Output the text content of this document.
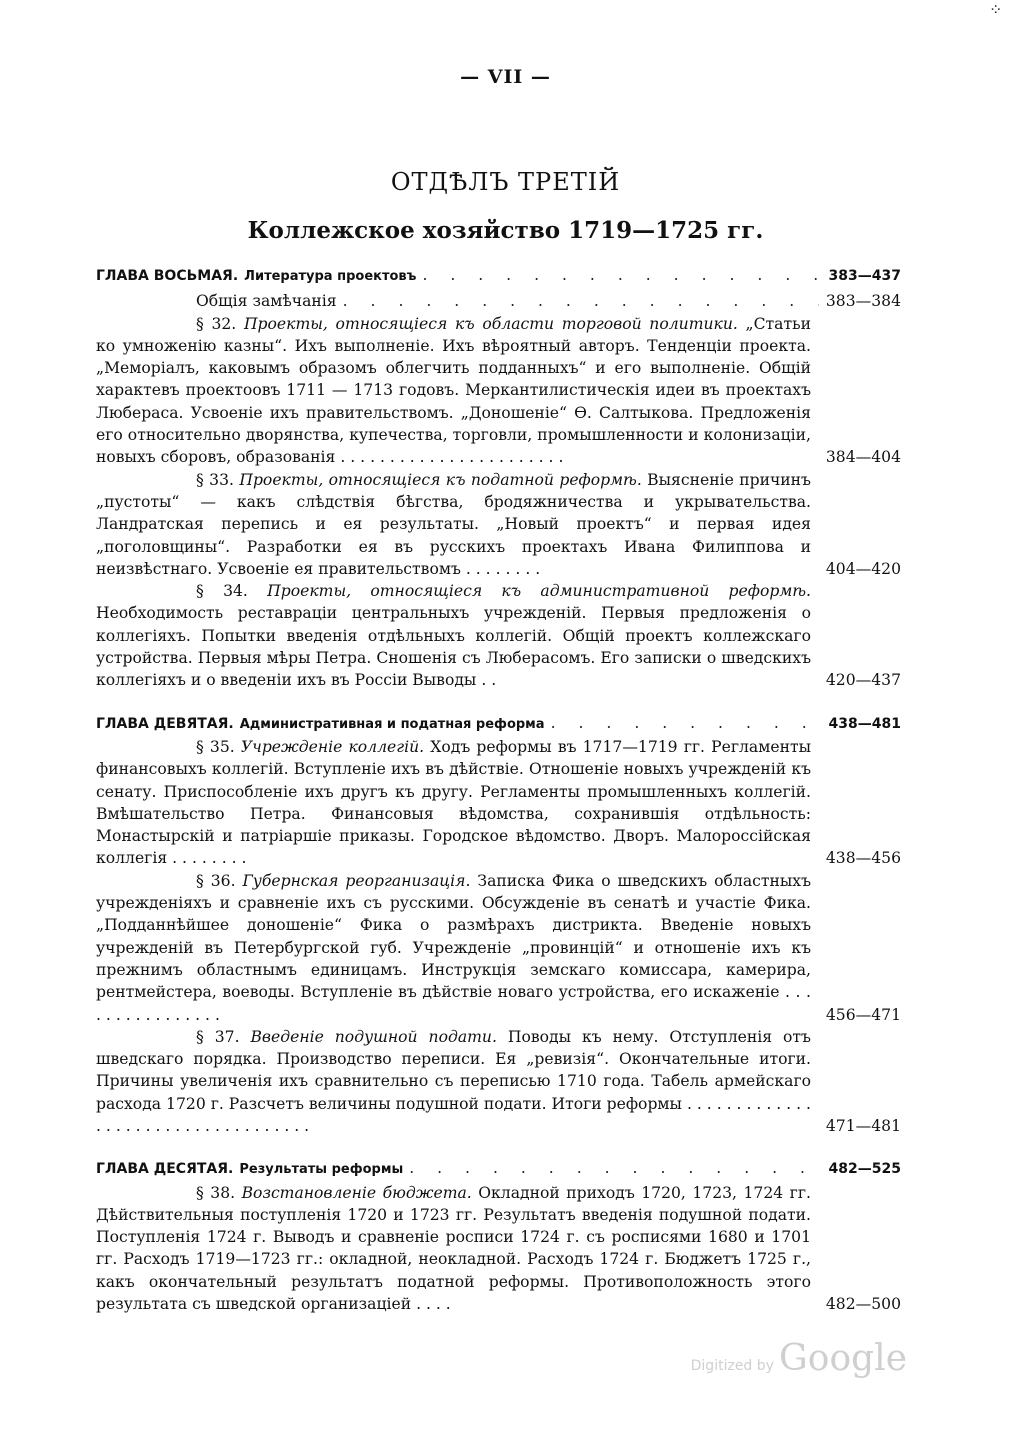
⁘
— VII —
ОТДѢЛЪ ТРЕТІЙ
Коллежское хозяйство 1719—1725 гг.
ГЛАВА ВОСЬМАЯ. Литература проектовъ . . .	383—437
Общія замѣчанія . . .	383—384
§ 32. Проекты, относящіеся къ области торговой политики. „Статьи ко умноженію казны“. Ихъ выполненіе. Ихъ вѣроятный авторъ. Тенденціи проекта. „Меморіалъ, каковымъ образомъ облегчить подданныхъ“ и его выполненіе. Общій характевъ проектоовъ 1711 — 1713 годовъ. Меркантилистическія идеи въ проектахъ Любераса. Усвоеніе ихъ правительствомъ. „Доношеніе“ Ѳ. Салтыкова. Предложенія его относительно дворянства, купечества, торговли, промышленности и колонизаціи, новыхъ сборовъ, образованія . . . . . . . . . . . . . . . . . . . . . . .	384—404
§ 33. Проекты, относящіеся къ податной реформѣ. Выясненіе причинъ „пустоты“ — какъ слѣдствія бѣгства, бродяжничества и укрывательства. Ландратская перепись и ея результаты. „Новый проектъ“ и первая идея „поголовщины“. Разработки ея въ русскихъ проектахъ Ивана Филиппова и неизвѣстнаго. Усвоеніе ея правительствомъ . . . . . . . .	404—420
§ 34. Проекты, относящіеся къ административной реформѣ. Необходимость реставраціи центральныхъ учрежденій. Первыя предложенія о коллегіяхъ. Попытки введенія отдѣльныхъ коллегій. Общій проектъ коллежскаго устройства. Первыя мѣры Петра. Сношенія съ Люберасомъ. Его записки о шведскихъ коллегіяхъ и о введеніи ихъ въ Россіи Выводы . .	420—437
ГЛАВА ДЕВЯТАЯ. Административная и податная реформа . . .	438—481
§ 35. Учрежденіе коллегій. Ходъ реформы въ 1717—1719 гг. Регламенты финансовыхъ коллегій. Вступленіе ихъ въ дѣйствіе. Отношеніе новыхъ учрежденій къ сенату. Приспособленіе ихъ другъ къ другу. Регламенты промышленныхъ коллегій. Вмѣшательство Петра. Финансовыя вѣдомства, сохранившія отдѣльность: Монастырскій и патріаршіе приказы. Городское вѣдомство. Дворъ. Малороссійская коллегія . . . . . . . .	438—456
§ 36. Губернская реорганизація. Записка Фика о шведскихъ областныхъ учрежденіяхъ и сравненіе ихъ съ русскими. Обсужденіе въ сенатѣ и участіе Фика. „Подданнѣйшее доношеніе“ Фика о размѣрахъ дистрикта. Введеніе новыхъ учрежденій въ Петербургской губ. Учрежденіе „провинцій“ и отношеніе ихъ къ прежнимъ областнымъ единицамъ. Инструкція земскаго комиссара, камерира, рентмейстера, воеводы. Вступленіе въ дѣйствіе новаго устройства, его искаженіе . . . . . . . . . . . . . . . .	456—471
§ 37. Введеніе подушной подати. Поводы къ нему. Отступленія отъ шведскаго порядка. Производство переписи. Ея „ревизія“. Окончательные итоги. Причины увеличенія ихъ сравнительно съ переписью 1710 года. Табель армейскаго расхода 1720 г. Разсчетъ величины подушной подати. Итоги реформы . . . . . . . . . . . . . . . . . . . . . . . . . . . . . . . . . . .	471—481
ГЛАВА ДЕСЯТАЯ. Результаты реформы . . .	482—525
§ 38. Возстановленіе бюджета. Окладной приходъ 1720, 1723, 1724 гг. Дѣйствительныя поступленія 1720 и 1723 гг. Результатъ введенія подушной подати. Поступленія 1724 г. Выводъ и сравненіе росписи 1724 г. съ росписями 1680 и 1701 гг. Расходъ 1719—1723 гг.: окладной, неокладной. Расходъ 1724 г. Бюджетъ 1725 г., какъ окончательный результатъ податной реформы. Противоположность этого результата съ шведской организаціей . . . .	482—500
Digitized by Google
